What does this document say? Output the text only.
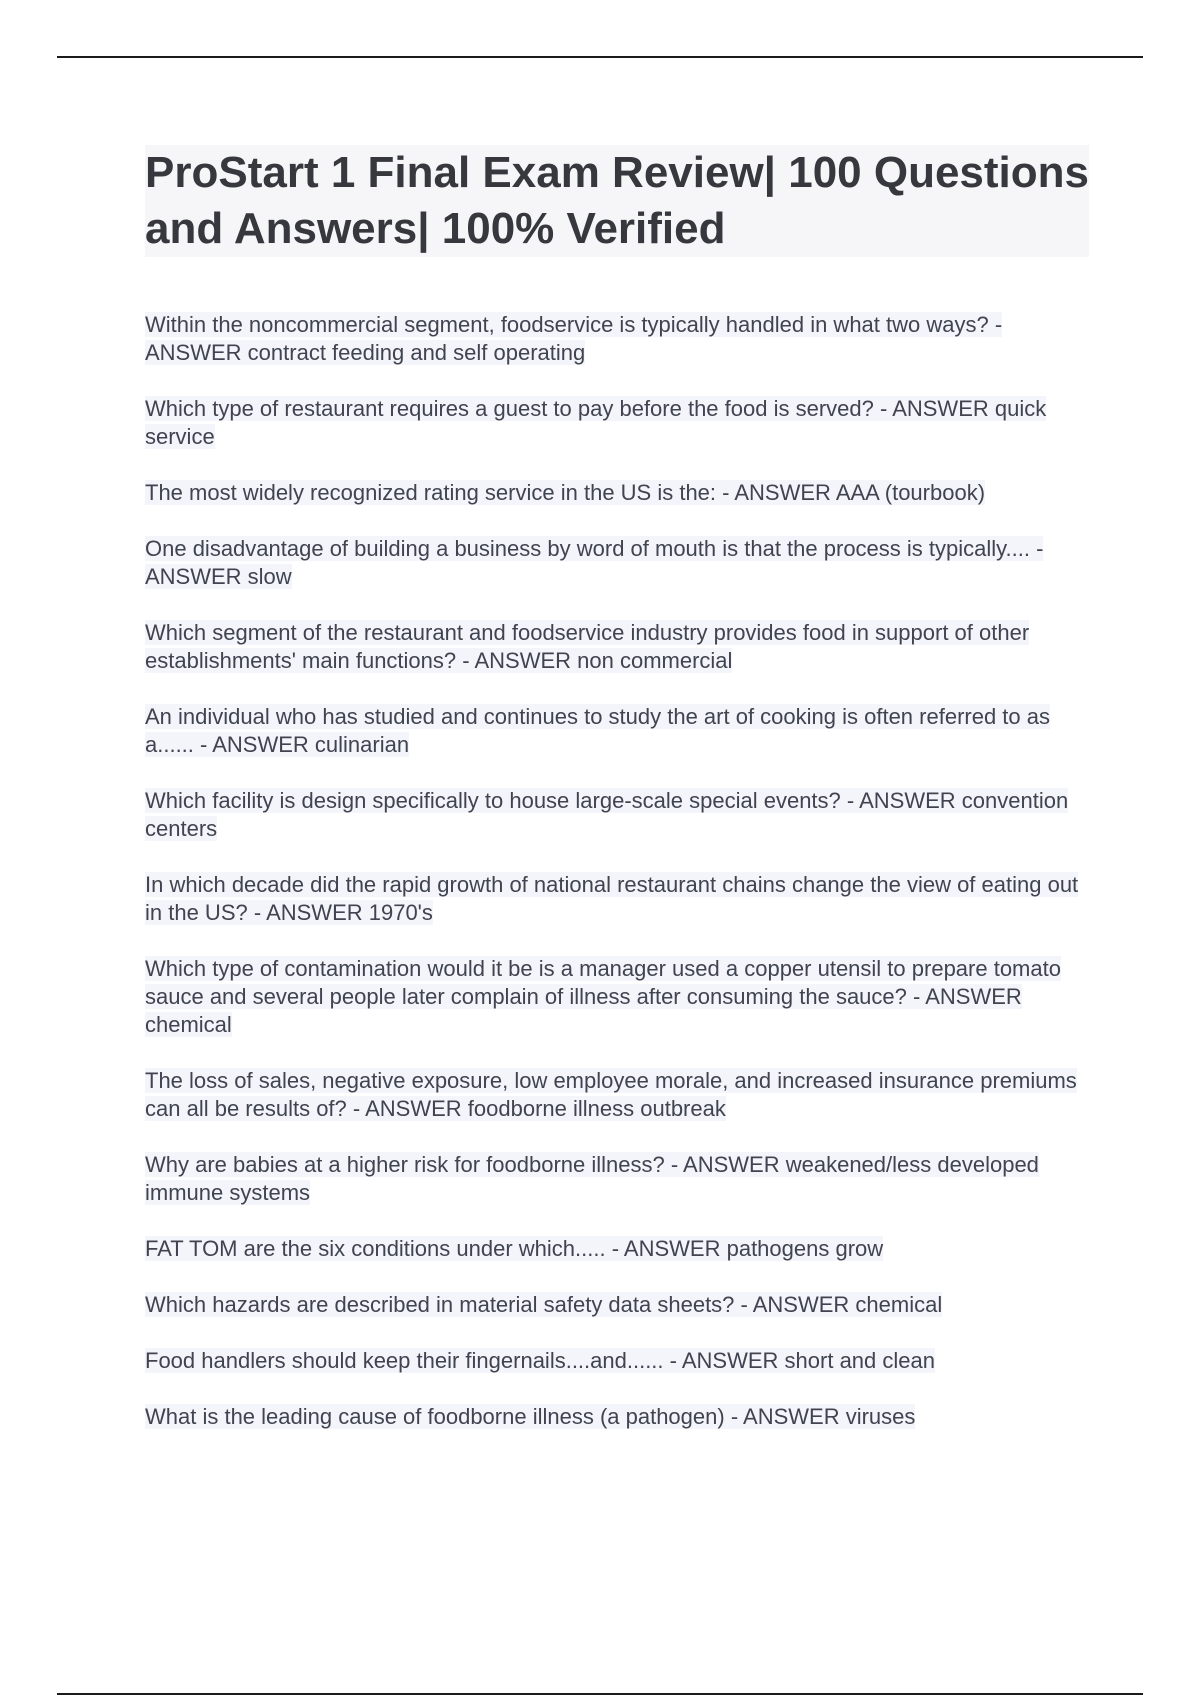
ProStart 1 Final Exam Review| 100 Questions and Answers| 100% Verified

Within the noncommercial segment, foodservice is typically handled in what two ways? - ANSWER contract feeding and self operating

Which type of restaurant requires a guest to pay before the food is served? - ANSWER quick service

The most widely recognized rating service in the US is the: - ANSWER AAA (tourbook)

One disadvantage of building a business by word of mouth is that the process is typically.... - ANSWER slow

Which segment of the restaurant and foodservice industry provides food in support of other establishments' main functions? - ANSWER non commercial

An individual who has studied and continues to study the art of cooking is often referred to as a...... - ANSWER culinarian

Which facility is design specifically to house large-scale special events? - ANSWER convention centers

In which decade did the rapid growth of national restaurant chains change the view of eating out in the US? - ANSWER 1970's

Which type of contamination would it be is a manager used a copper utensil to prepare tomato sauce and several people later complain of illness after consuming the sauce? - ANSWER chemical

The loss of sales, negative exposure, low employee morale, and increased insurance premiums can all be results of? - ANSWER foodborne illness outbreak

Why are babies at a higher risk for foodborne illness? - ANSWER weakened/less developed immune systems

FAT TOM are the six conditions under which..... - ANSWER pathogens grow

Which hazards are described in material safety data sheets? - ANSWER chemical

Food handlers should keep their fingernails....and...... - ANSWER short and clean

What is the leading cause of foodborne illness (a pathogen) - ANSWER viruses
